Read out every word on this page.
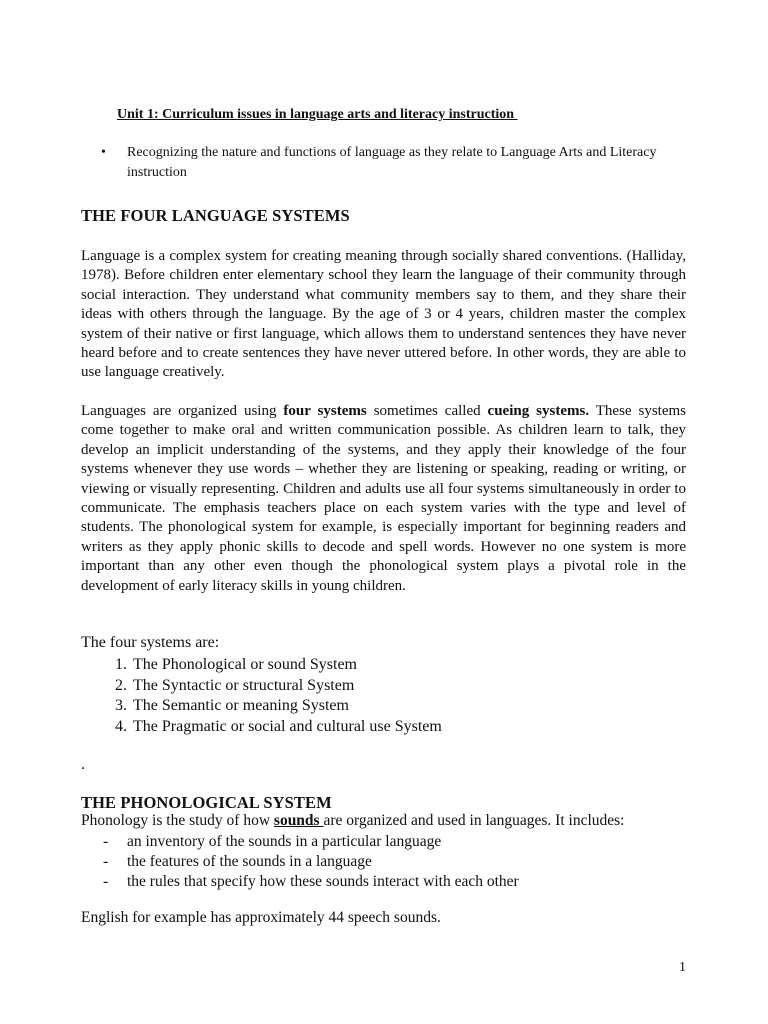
Unit 1: Curriculum issues in language arts and literacy instruction
•	Recognizing the nature and functions of language as they relate to Language Arts and Literacy instruction
THE FOUR LANGUAGE SYSTEMS

Language is a complex system for creating meaning through socially shared conventions. (Halliday, 1978). Before children enter elementary school they learn the language of their community through social interaction. They understand what community members say to them, and they share their ideas with others through the language. By the age of 3 or 4 years, children master the complex system of their native or first language, which allows them to understand sentences they have never heard before and to create sentences they have never uttered before. In other words, they are able to use language creatively.

Languages are organized using four systems sometimes called cueing systems. These systems come together to make oral and written communication possible. As children learn to talk, they develop an implicit understanding of the systems, and they apply their knowledge of the four systems whenever they use words – whether they are listening or speaking, reading or writing, or viewing or visually representing. Children and adults use all four systems simultaneously in order to communicate. The emphasis teachers place on each system varies with the type and level of students. The phonological system for example, is especially important for beginning readers and writers as they apply phonic skills to decode and spell words. However no one system is more important than any other even though the phonological system plays a pivotal role in the development of early literacy skills in young children.

The four systems are:
1. The Phonological or sound System
2. The Syntactic or structural System
3. The Semantic or meaning System
4. The Pragmatic or social and cultural use System
.
THE PHONOLOGICAL SYSTEM
Phonology is the study of how sounds are organized and used in languages. It includes:
-	an inventory of the sounds in a particular language
-	the features of the sounds in a language
-	the rules that specify how these sounds interact with each other
English for example has approximately 44 speech sounds.
1
